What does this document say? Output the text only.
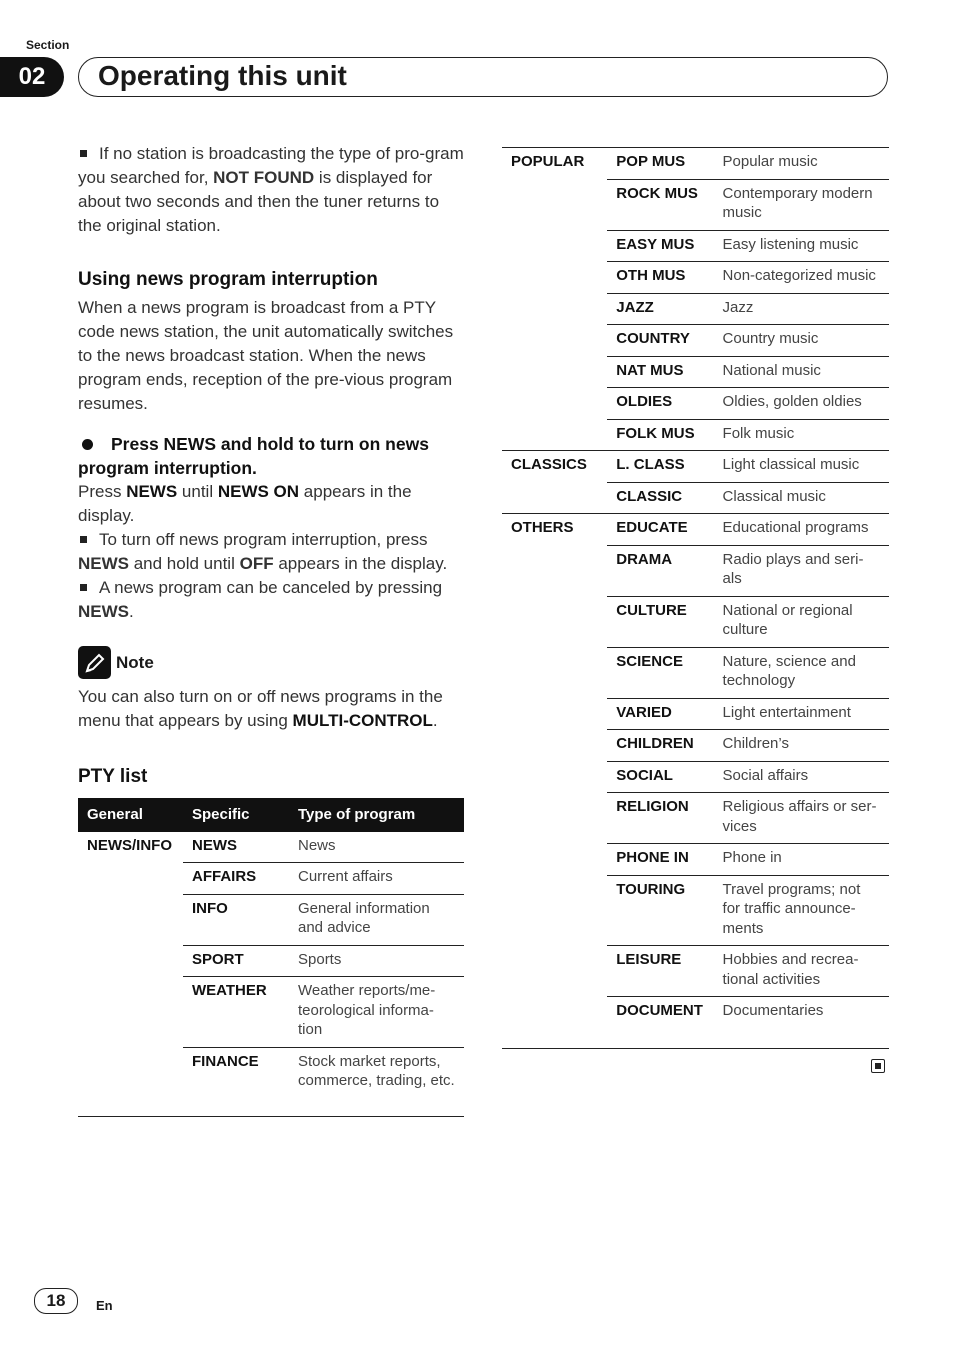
Section
02	Operating this unit

If no station is broadcasting the type of pro-gram you searched for, NOT FOUND is displayed for about two seconds and then the tuner returns to the original station.

Using news program interruption

When a news program is broadcast from a PTY code news station, the unit automatically switches to the news broadcast station. When the news program ends, reception of the pre-vious program resumes.

Press NEWS and hold to turn on news program interruption.

Press NEWS until NEWS ON appears in the display.

To turn off news program interruption, press NEWS and hold until OFF appears in the display.

A news program can be canceled by pressing NEWS.

Note

You can also turn on or off news programs in the menu that appears by using MULTI-CONTROL.

PTY list
General	Specific	Type of program
NEWS/INFO	NEWS	News
	AFFAIRS	Current affairs
	INFO	General information and advice
	SPORT	Sports
	WEATHER	Weather reports/me-teorological informa-tion
	FINANCE	Stock market reports, commerce, trading, etc.
POPULAR	POP MUS	Popular music
	ROCK MUS	Contemporary modern music
	EASY MUS	Easy listening music
	OTH MUS	Non-categorized music
	JAZZ	Jazz
	COUNTRY	Country music
	NAT MUS	National music
	OLDIES	Oldies, golden oldies
	FOLK MUS	Folk music
CLASSICS	L. CLASS	Light classical music
	CLASSIC	Classical music
OTHERS	EDUCATE	Educational programs
	DRAMA	Radio plays and seri-als
	CULTURE	National or regional culture
	SCIENCE	Nature, science and technology
	VARIED	Light entertainment
	CHILDREN	Children’s
	SOCIAL	Social affairs
	RELIGION	Religious affairs or ser-vices
	PHONE IN	Phone in
	TOURING	Travel programs; not for traffic announce-ments
	LEISURE	Hobbies and recrea-tional activities
	DOCUMENT	Documentaries
18	En
